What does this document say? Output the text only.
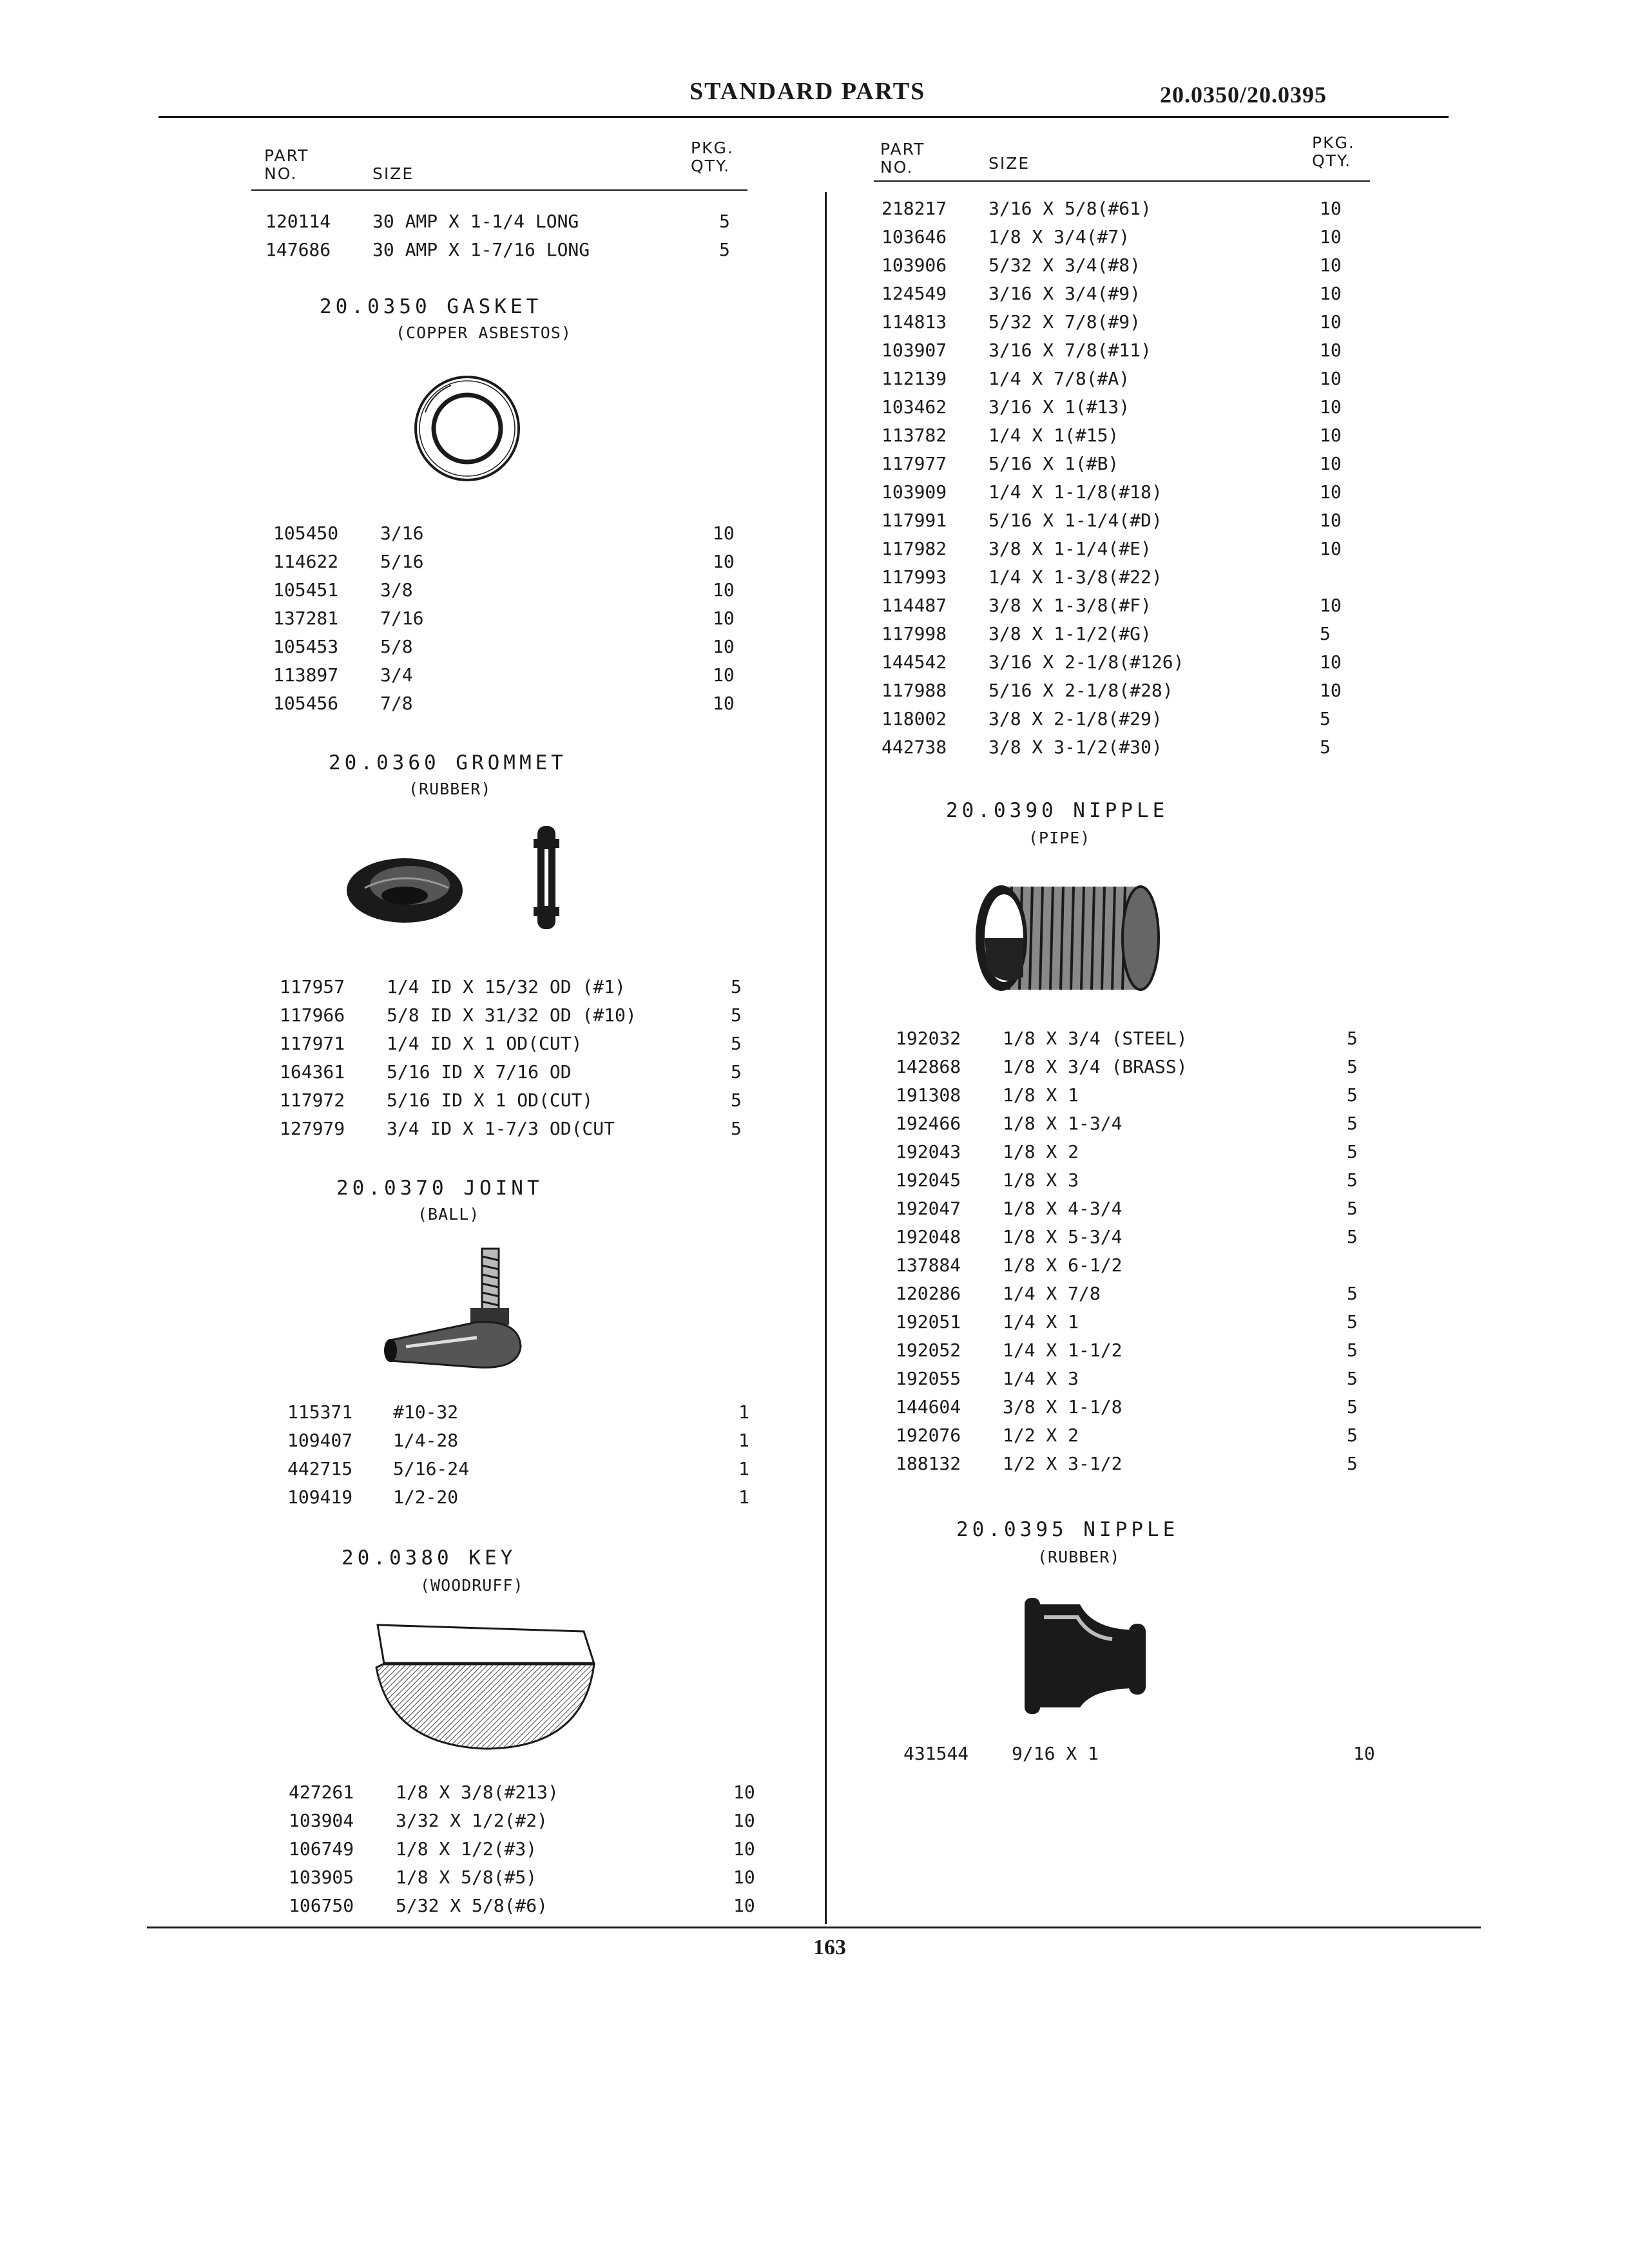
STANDARD PARTS	20.0350/20.0395
PART
NO.	SIZE
PKG.
QTY.
PART
NO.	SIZE
PKG.
QTY.
120114 30 AMP X 1-1/4 LONG	5
147686 30 AMP X 1-7/16 LONG	5
20.0350 GASKET
(COPPER ASBESTOS)
105450 3/16	10
114622 5/16	10
105451 3/8	10
137281 7/16	10
105453 5/8	10
113897 3/4	10
105456 7/8	10
20.0360 GROMMET
(RUBBER)
117957 1/4 ID X 15/32 OD (#1)	5
117966 5/8 ID X 31/32 OD (#10)	5
117971 1/4 ID X 1 OD(CUT)	5
164361 5/16 ID X 7/16 OD	5
117972 5/16 ID X 1 OD(CUT)	5
127979 3/4 ID X 1-7/3 OD(CUT	5
20.0370 JOINT
(BALL)
115371 #10-32	1
109407 1/4-28	1
442715 5/16-24	1
109419 1/2-20	1
20.0380 KEY
(WOODRUFF)
427261 1/8 X 3/8(#213)	10
103904 3/32 X 1/2(#2)	10
106749 1/8 X 1/2(#3)	10
103905 1/8 X 5/8(#5)	10
106750 5/32 X 5/8(#6)	10
218217 3/16 X 5/8(#61)	10
103646 1/8 X 3/4(#7)	10
103906 5/32 X 3/4(#8)	10
124549 3/16 X 3/4(#9)	10
114813 5/32 X 7/8(#9)	10
103907 3/16 X 7/8(#11)	10
112139 1/4 X 7/8(#A)	10
103462 3/16 X 1(#13)	10
113782 1/4 X 1(#15)	10
117977 5/16 X 1(#B)	10
103909 1/4 X 1-1/8(#18)	10
117991 5/16 X 1-1/4(#D)	10
117982 3/8 X 1-1/4(#E)	10
117993 1/4 X 1-3/8(#22)
114487 3/8 X 1-3/8(#F)	10
117998 3/8 X 1-1/2(#G)	5
144542 3/16 X 2-1/8(#126)	10
117988 5/16 X 2-1/8(#28)	10
118002 3/8 X 2-1/8(#29)	5
442738 3/8 X 3-1/2(#30)	5
20.0390 NIPPLE
(PIPE)
192032 1/8 X 3/4 (STEEL)	5
142868 1/8 X 3/4 (BRASS)	5
191308 1/8 X 1	5
192466 1/8 X 1-3/4	5
192043 1/8 X 2	5
192045 1/8 X 3	5
192047 1/8 X 4-3/4	5
192048 1/8 X 5-3/4	5
137884 1/8 X 6-1/2
120286 1/4 X 7/8	5
192051 1/4 X 1	5
192052 1/4 X 1-1/2	5
192055 1/4 X 3	5
144604 3/8 X 1-1/8	5
192076 1/2 X 2	5
188132 1/2 X 3-1/2	5
20.0395 NIPPLE
(RUBBER)
431544 9/16 X 1	10
163
